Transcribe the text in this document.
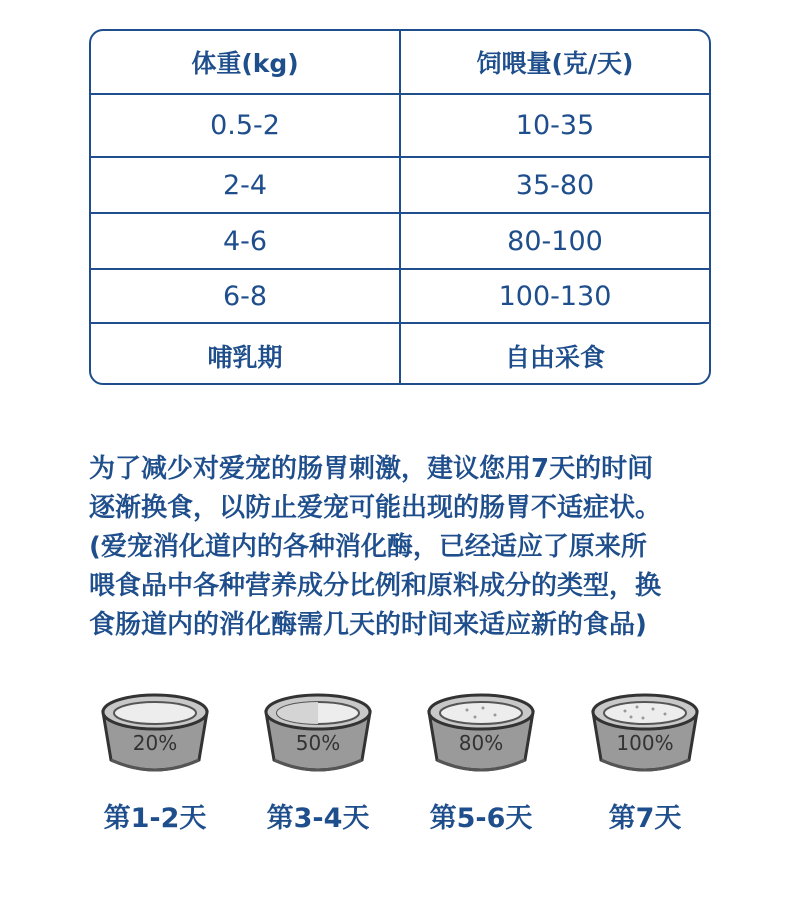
体重(kg)	饲喂量(克/天)
0.5-2	10-35
2-4	35-80
4-6	80-100
6-8	100-130
哺乳期	自由采食

为了减少对爱宠的肠胃刺激，建议您用7天的时间

逐渐换食，以防止爱宠可能出现的肠胃不适症状。

(爱宠消化道内的各种消化酶，已经适应了原来所

喂食品中各种营养成分比例和原料成分的类型，换

食肠道内的消化酶需几天的时间来适应新的食品)

20%
第1-2天
50%
第3-4天
80%
第5-6天
100%
第7天
